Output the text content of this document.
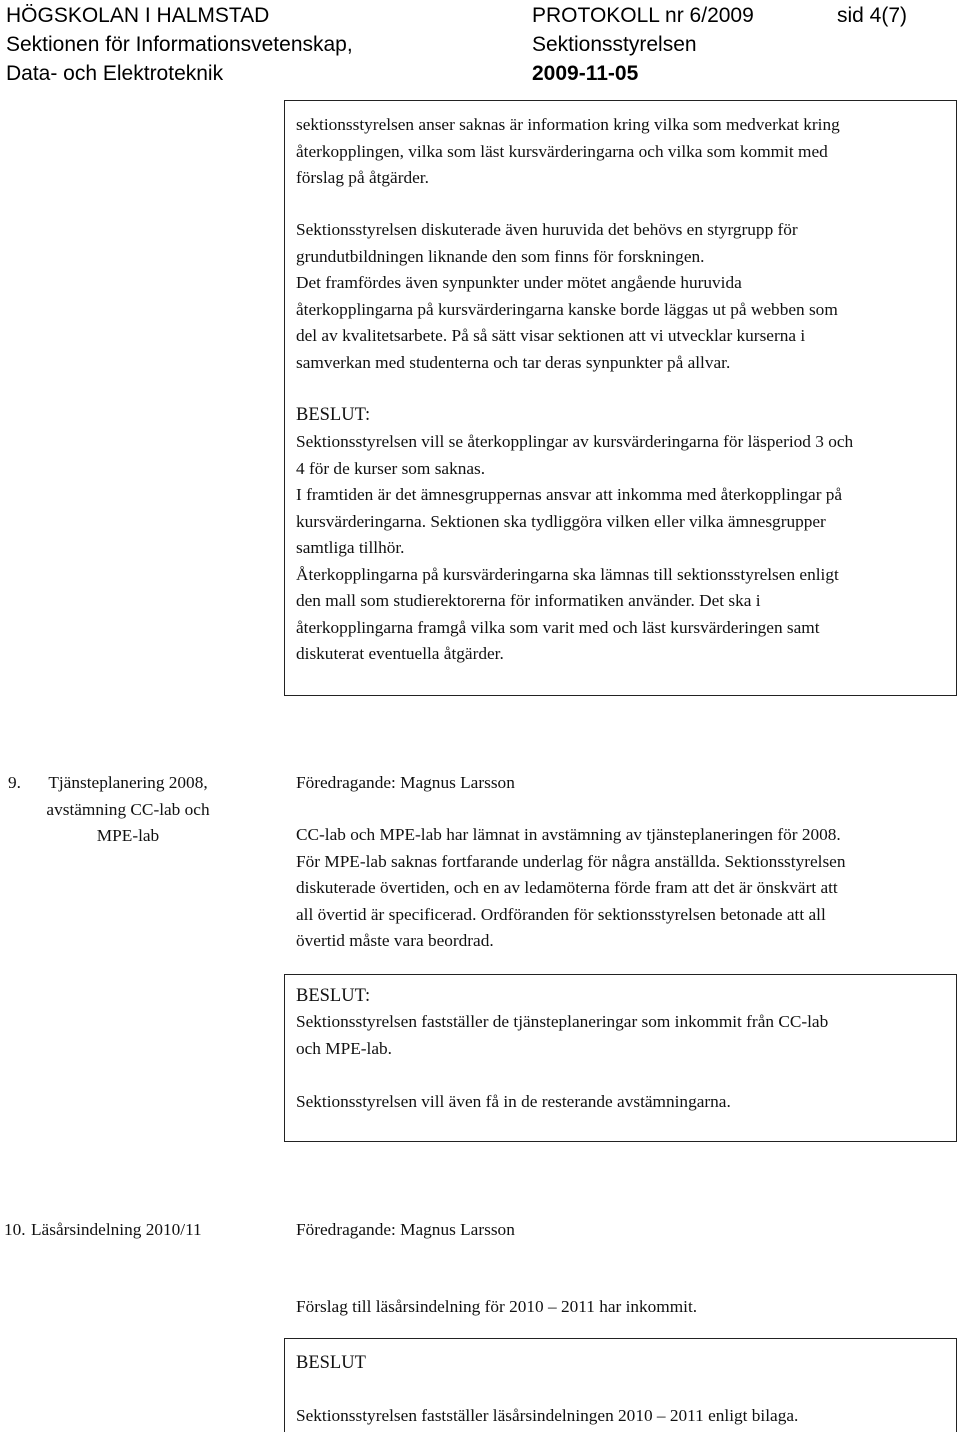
HÖGSKOLAN I HALMSTAD
Sektionen för Informationsvetenskap,
Data- och Elektroteknik
PROTOKOLL nr 6/2009
Sektionsstyrelsen
2009-11-05
sid 4(7)
sektionsstyrelsen anser saknas är information kring vilka som medverkat kring
återkopplingen, vilka som läst kursvärderingarna och vilka som kommit med
förslag på åtgärder.
Sektionsstyrelsen diskuterade även huruvida det behövs en styrgrupp för
grundutbildningen liknande den som finns för forskningen.
Det framfördes även synpunkter under mötet angående huruvida
återkopplingarna på kursvärderingarna kanske borde läggas ut på webben som
del av kvalitetsarbete. På så sätt visar sektionen att vi utvecklar kurserna i
samverkan med studenterna och tar deras synpunkter på allvar.
BESLUT:
Sektionsstyrelsen vill se återkopplingar av kursvärderingarna för läsperiod 3 och
4 för de kurser som saknas.
I framtiden är det ämnesgruppernas ansvar att inkomma med återkopplingar på
kursvärderingarna. Sektionen ska tydliggöra vilken eller vilka ämnesgrupper
samtliga tillhör.
Återkopplingarna på kursvärderingarna ska lämnas till sektionsstyrelsen enligt
den mall som studierektorerna för informatiken använder. Det ska i
återkopplingarna framgå vilka som varit med och läst kursvärderingen samt
diskuterat eventuella åtgärder.
9.	Tjänsteplanering 2008,
avstämning CC-lab och
MPE-lab
Föredragande: Magnus Larsson
CC-lab och MPE-lab har lämnat in avstämning av tjänsteplaneringen för 2008.
För MPE-lab saknas fortfarande underlag för några anställda. Sektionsstyrelsen
diskuterade övertiden, och en av ledamöterna förde fram att det är önskvärt att
all övertid är specificerad. Ordföranden för sektionsstyrelsen betonade att all
övertid måste vara beordrad.
BESLUT:
Sektionsstyrelsen fastställer de tjänsteplaneringar som inkommit från CC-lab
och MPE-lab.
Sektionsstyrelsen vill även få in de resterande avstämningarna.
10. Läsårsindelning 2010/11	Föredragande: Magnus Larsson
Förslag till läsårsindelning för 2010 – 2011 har inkommit.
BESLUT
Sektionsstyrelsen fastställer läsårsindelningen 2010 – 2011 enligt bilaga.
